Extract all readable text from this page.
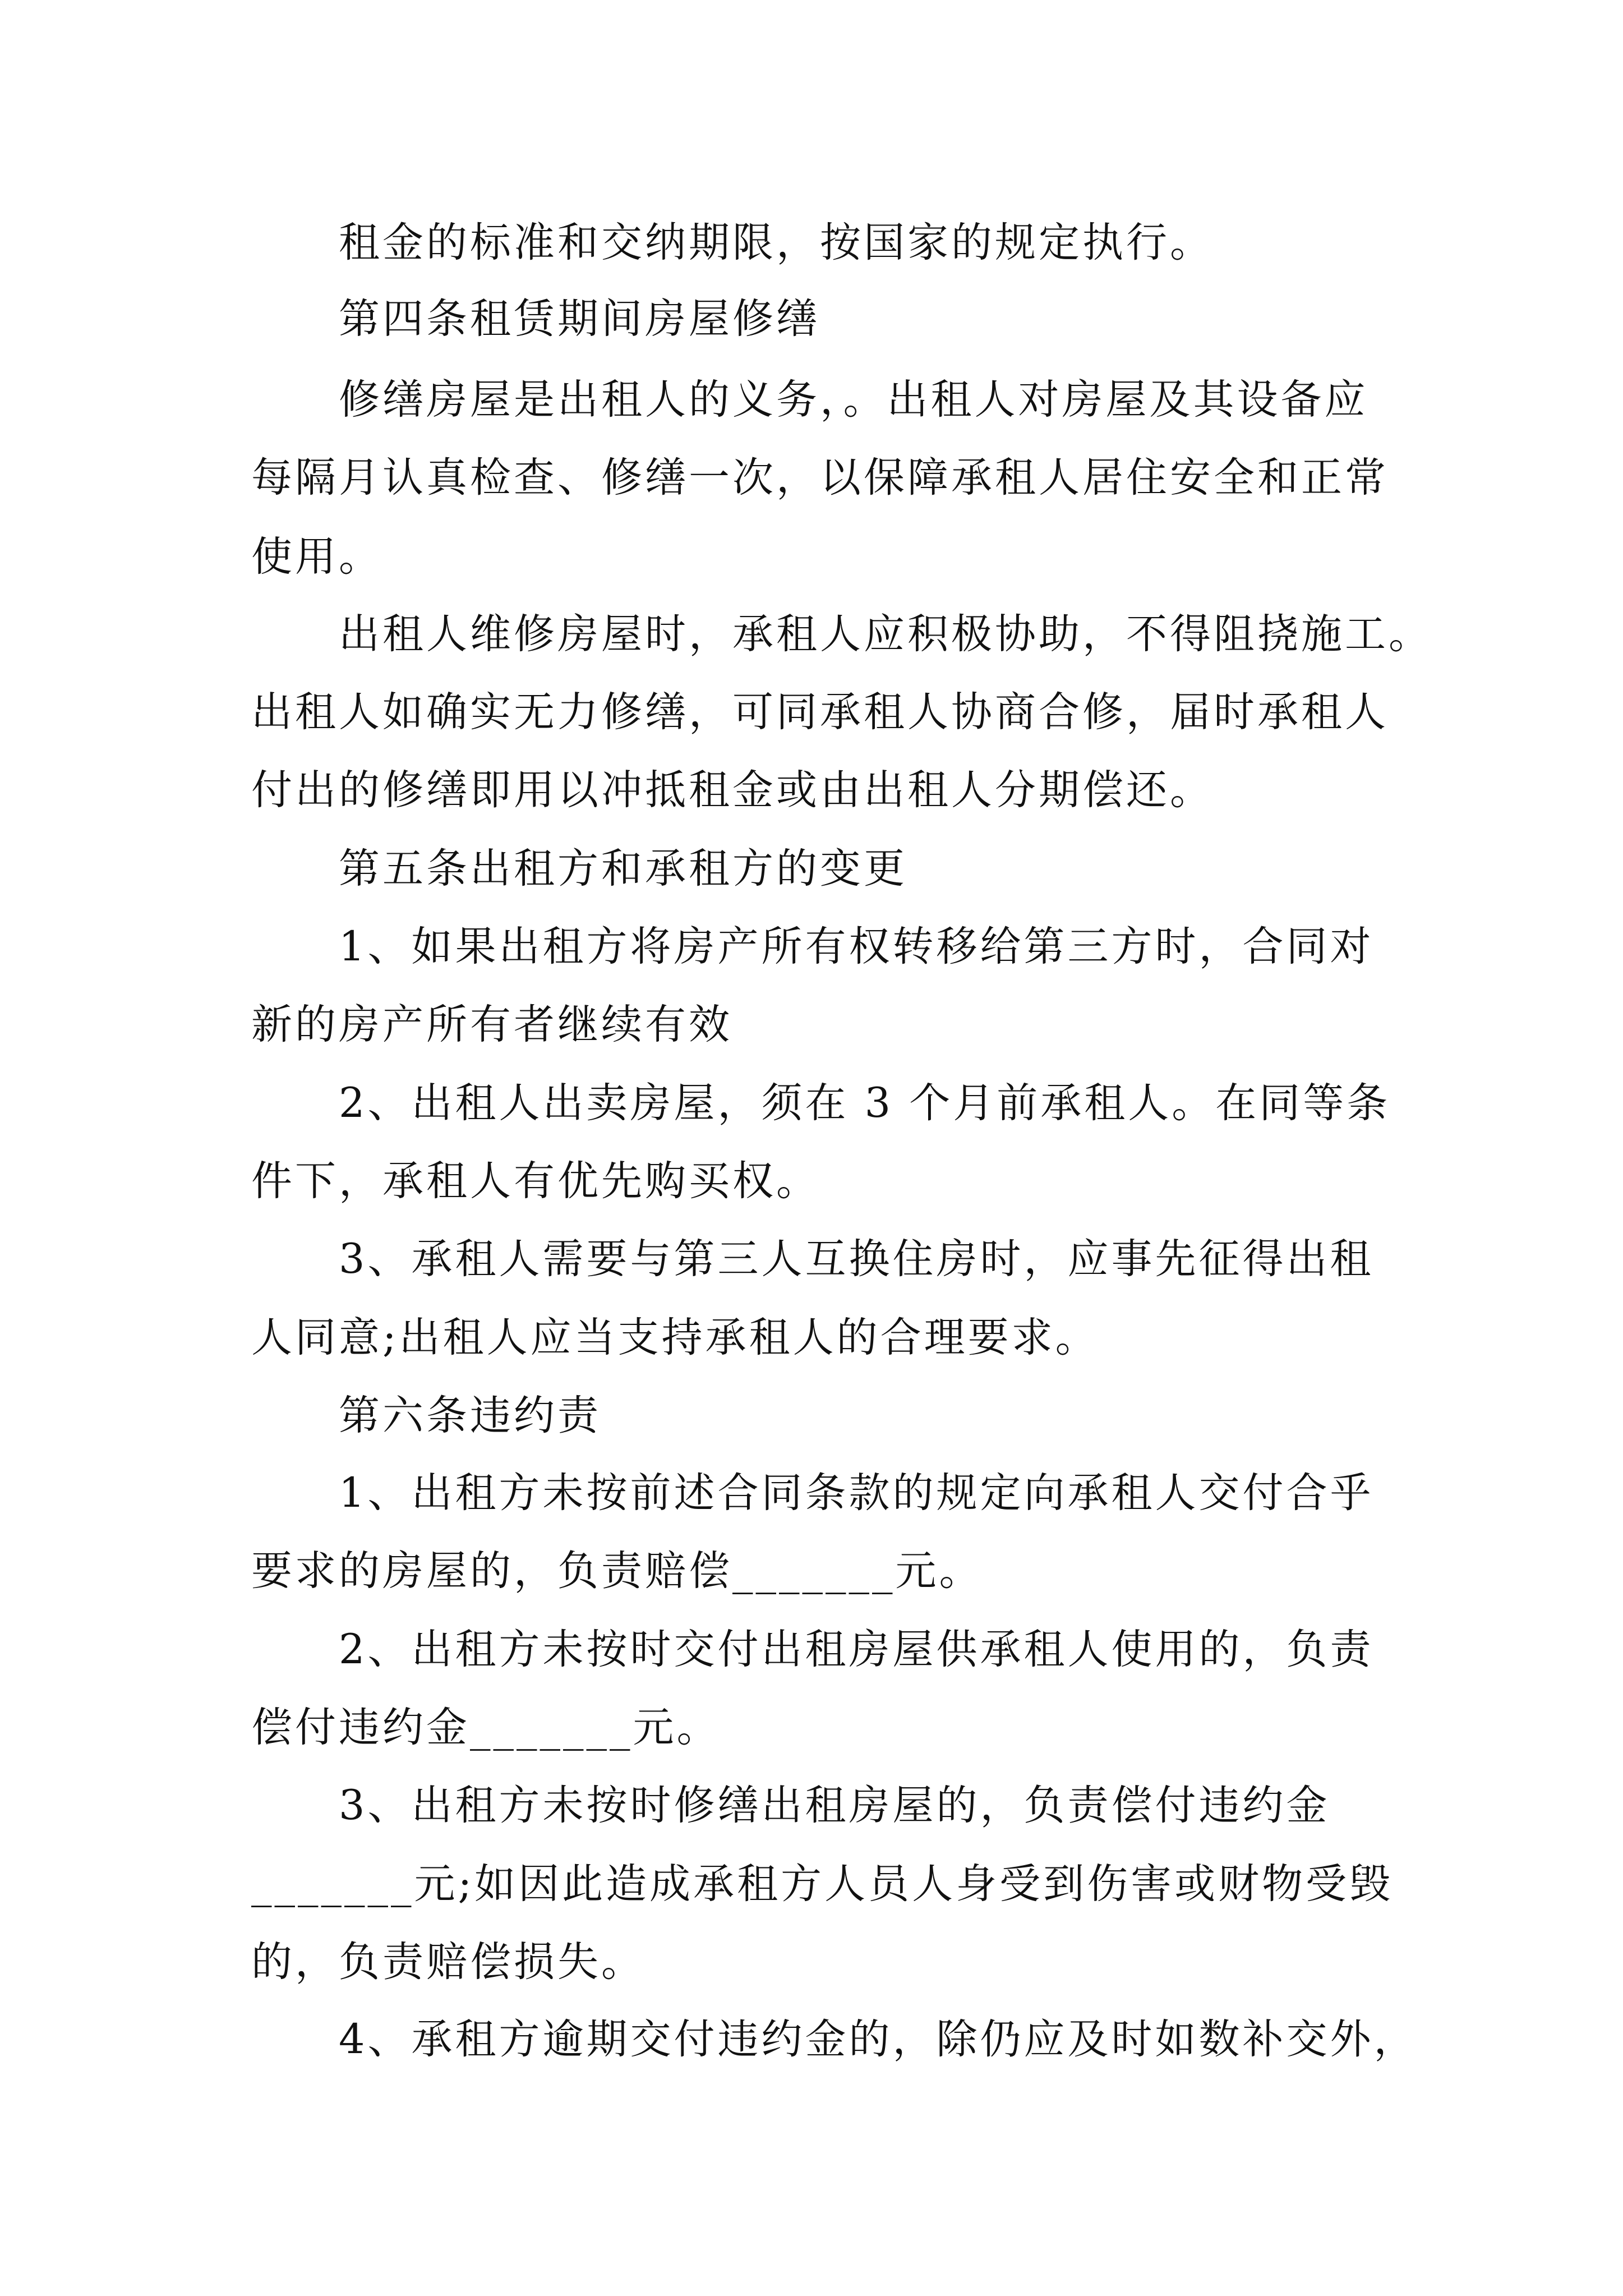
租金的标准和交纳期限，按国家的规定执行。
第四条租赁期间房屋修缮
修缮房屋是出租人的义务，。出租人对房屋及其设备应
每隔月认真检查、修缮一次，以保障承租人居住安全和正常
使用。
出租人维修房屋时，承租人应积极协助，不得阻挠施工。
出租人如确实无力修缮，可同承租人协商合修，届时承租人
付出的修缮即用以冲抵租金或由出租人分期偿还。
第五条出租方和承租方的变更
1、如果出租方将房产所有权转移给第三方时，合同对
新的房产所有者继续有效
2、出租人出卖房屋，须在 3 个月前承租人。在同等条
件下，承租人有优先购买权。
3、承租人需要与第三人互换住房时，应事先征得出租
人同意;出租人应当支持承租人的合理要求。
第六条违约责
1、出租方未按前述合同条款的规定向承租人交付合乎
要求的房屋的，负责赔偿_______元。
2、出租方未按时交付出租房屋供承租人使用的，负责
偿付违约金_______元。
3、出租方未按时修缮出租房屋的，负责偿付违约金
_______元;如因此造成承租方人员人身受到伤害或财物受毁
的，负责赔偿损失。
4、承租方逾期交付违约金的，除仍应及时如数补交外，
